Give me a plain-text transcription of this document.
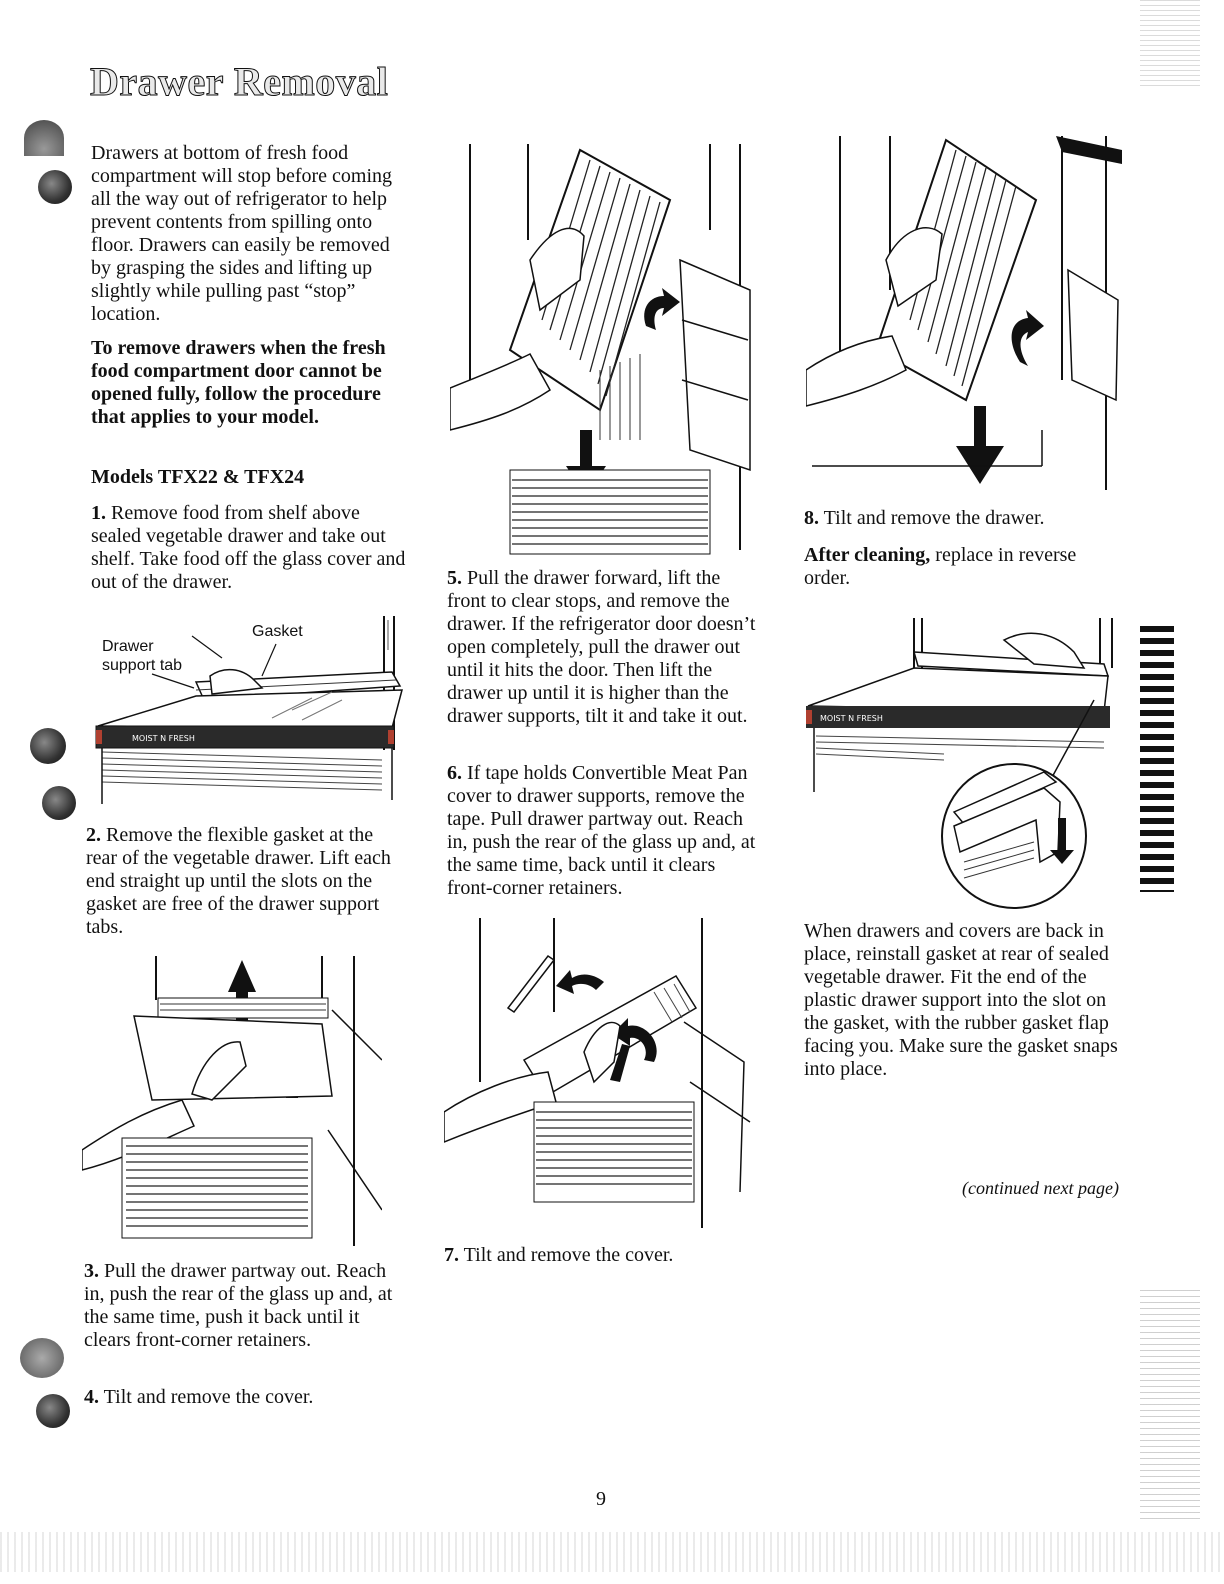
Drawer Removal

Drawers at bottom of fresh food compartment will stop before coming all the way out of refrigerator to help prevent contents from spilling onto floor. Drawers can easily be removed by grasping the sides and lifting up slightly while pulling past “stop” location.

To remove drawers when the fresh food compartment door cannot be opened fully, follow the procedure that applies to your model.

Models TFX22 & TFX24

1. Remove food from shelf above sealed vegetable drawer and take out shelf. Take food off the glass cover and out of the drawer.

MOIST N FRESH
Gasket
Drawer
support tab

2. Remove the flexible gasket at the rear of the vegetable drawer. Lift each end straight up until the slots on the gasket are free of the drawer support tabs.

3. Pull the drawer partway out. Reach in, push the rear of the glass up and, at the same time, push it back until it clears front-corner retainers.

4. Tilt and remove the cover.

5. Pull the drawer forward, lift the front to clear stops, and remove the drawer. If the refrigerator door doesn’t open completely, pull the drawer out until it hits the door. Then lift the drawer up until it is higher than the drawer supports, tilt it and take it out.

6. If tape holds Convertible Meat Pan cover to drawer supports, remove the tape. Pull drawer partway out. Reach in, push the rear of the glass up and, at the same time, back until it clears front-corner retainers.

7. Tilt and remove the cover.

8. Tilt and remove the drawer.

After cleaning, replace in reverse order.

MOIST N FRESH

When drawers and covers are back in place, reinstall gasket at rear of sealed vegetable drawer. Fit the end of the plastic drawer support into the slot on the gasket, with the rubber gasket flap facing you. Make sure the gasket snaps into place.

(continued next page)
9
